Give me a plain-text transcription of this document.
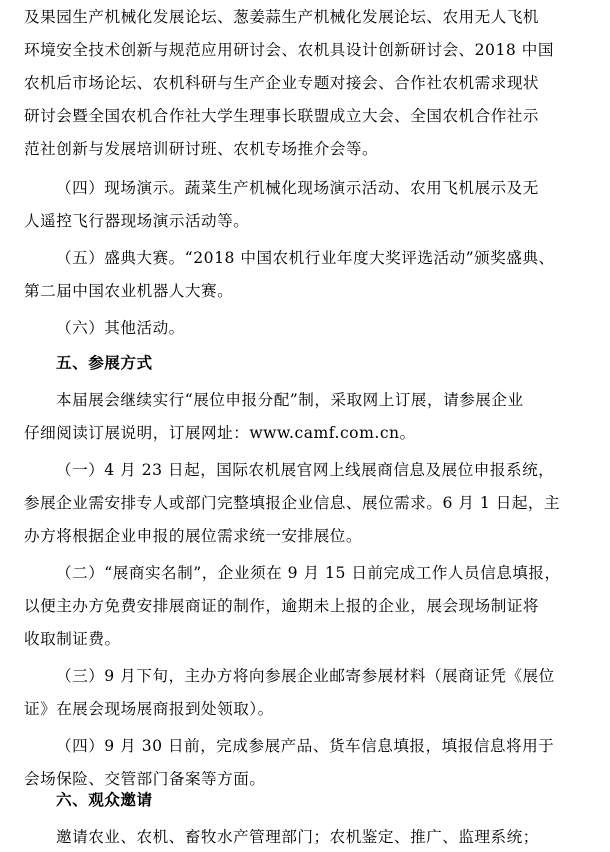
及果园生产机械化发展论坛、葱姜蒜生产机械化发展论坛、农用无人飞机
环境安全技术创新与规范应用研讨会、农机具设计创新研讨会、2018 中国
农机后市场论坛、农机科研与生产企业专题对接会、合作社农机需求现状
研讨会暨全国农机合作社大学生理事长联盟成立大会、全国农机合作社示
范社创新与发展培训研讨班、农机专场推介会等。
（四）现场演示。蔬菜生产机械化现场演示活动、农用飞机展示及无
人遥控飞行器现场演示活动等。
（五）盛典大赛。“2018 中国农机行业年度大奖评选活动”颁奖盛典、
第二届中国农业机器人大赛。
（六）其他活动。
五、参展方式
本届展会继续实行“展位申报分配”制，采取网上订展，请参展企业
仔细阅读订展说明，订展网址：www.camf.com.cn。
（一）4 月 23 日起，国际农机展官网上线展商信息及展位申报系统，
参展企业需安排专人或部门完整填报企业信息、展位需求。6 月 1 日起，主
办方将根据企业申报的展位需求统一安排展位。
（二）“展商实名制”，企业须在 9 月 15 日前完成工作人员信息填报，
以便主办方免费安排展商证的制作，逾期未上报的企业，展会现场制证将
收取制证费。
（三）9 月下旬，主办方将向参展企业邮寄参展材料（展商证凭《展位
证》在展会现场展商报到处领取）。
（四）9 月 30 日前，完成参展产品、货车信息填报，填报信息将用于
会场保险、交管部门备案等方面。
六、观众邀请
邀请农业、农机、畜牧水产管理部门；农机鉴定、推广、监理系统；
